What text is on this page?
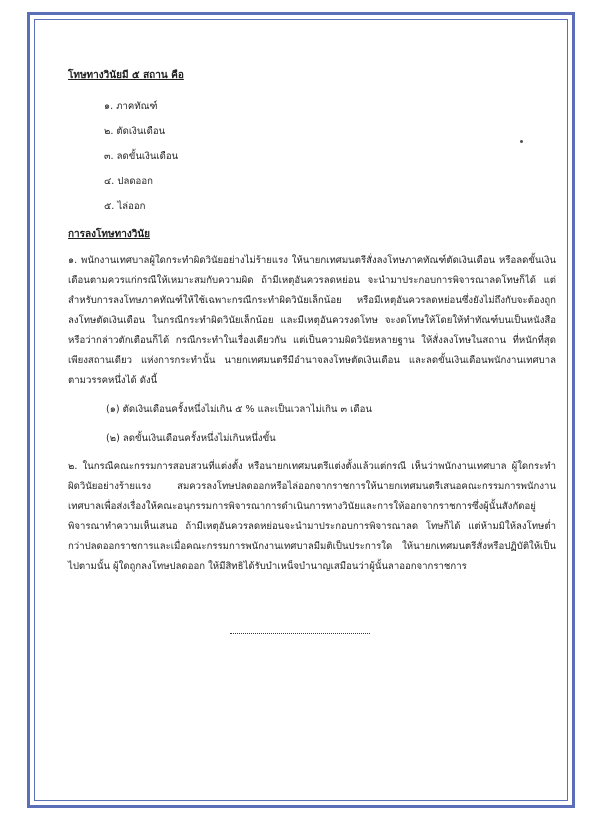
โทษทางวินัยมี ๕ สถาน คือ
๑. ภาคทัณฑ์
๒. ตัดเงินเดือน
๓. ลดขั้นเงินเดือน
๔. ปลดออก
๕. ไล่ออก
การลงโทษทางวินัย

๑. พนักงานเทศบาลผู้ใดกระทำผิดวินัยอย่างไม่ร้ายแรง ให้นายกเทศมนตรีสั่งลงโทษภาคทัณฑ์ตัดเงินเดือน หรือลดขั้นเงินเดือนตามควรแก่กรณีให้เหมาะสมกับความผิด ถ้ามีเหตุอันควรลดหย่อน จะนำมาประกอบการพิจารณาลดโทษก็ได้ แต่สำหรับการลงโทษภาคทัณฑ์ให้ใช้เฉพาะกรณีกระทำผิดวินัยเล็กน้อย หรือมีเหตุอันควรลดหย่อนซึ่งยังไม่ถึงกับจะต้องถูกลงโทษตัดเงินเดือน ในกรณีกระทำผิดวินัยเล็กน้อย และมีเหตุอันควรงดโทษ จะงดโทษให้โดยให้ทำทัณฑ์บนเป็นหนังสือหรือว่ากล่าวตักเตือนก็ได้ กรณีกระทำในเรื่องเดียวกัน แต่เป็นความผิดวินัยหลายฐาน ให้สั่งลงโทษในสถาน ที่หนักที่สุดเพียงสถานเดียว แห่งการกระทำนั้น นายกเทศมนตรีมีอำนาจลงโทษตัดเงินเดือน และลดขั้นเงินเดือนพนักงานเทศบาลตามวรรคหนึ่งได้ ดังนี้

(๑) ตัดเงินเดือนครั้งหนึ่งไม่เกิน ๕ % และเป็นเวลาไม่เกิน ๓ เดือน
(๒) ลดขั้นเงินเดือนครั้งหนึ่งไม่เกินหนึ่งขั้น

๒. ในกรณีคณะกรรมการสอบสวนที่แต่งตั้ง หรือนายกเทศมนตรีแต่งตั้งแล้วแต่กรณี เห็นว่าพนักงานเทศบาล ผู้ใดกระทำผิดวินัยอย่างร้ายแรง สมควรลงโทษปลดออกหรือไล่ออกจากราชการให้นายกเทศมนตรีเสนอคณะกรรมการพนักงานเทศบาลเพื่อส่งเรื่องให้คณะอนุกรรมการพิจารณาการดำเนินการทางวินัยและการให้ออกจากราชการซึ่งผู้นั้นสังกัดอยู่พิจารณาทำความเห็นเสนอ ถ้ามีเหตุอันควรลดหย่อนจะนำมาประกอบการพิจารณาลด โทษก็ได้ แต่ห้ามมิให้ลงโทษต่ำกว่าปลดออกราชการและเมื่อคณะกรรมการพนักงานเทศบาลมีมติเป็นประการใด ให้นายกเทศมนตรีสั่งหรือปฏิบัติให้เป็นไปตามนั้น ผู้ใดถูกลงโทษปลดออก ให้มีสิทธิได้รับบำเหน็จบำนาญเสมือนว่าผู้นั้นลาออกจากราชการ
